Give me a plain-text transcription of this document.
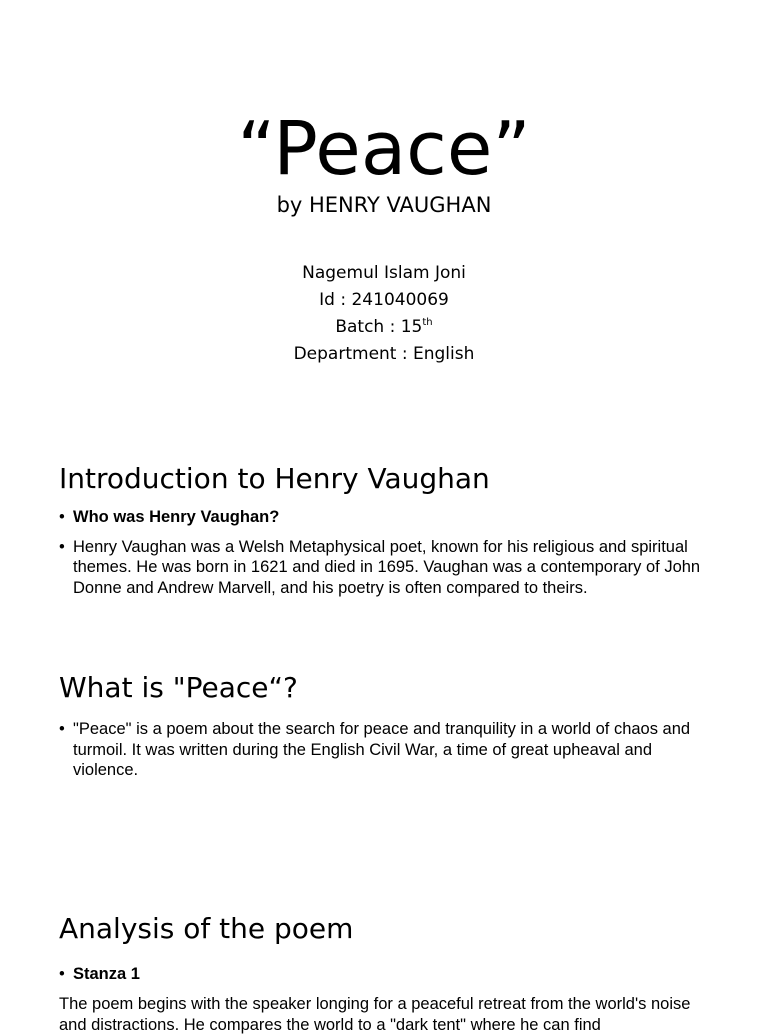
“Peace”
by HENRY VAUGHAN
Nagemul Islam Joni
Id : 241040069
Batch : 15th
Department : English
Introduction to Henry Vaughan
• Who was Henry Vaughan?
• Henry Vaughan was a Welsh Metaphysical poet, known for his religious and spiritual themes. He was born in 1621 and died in 1695. Vaughan was a contemporary of John Donne and Andrew Marvell, and his poetry is often compared to theirs.
What is "Peace“?
• "Peace" is a poem about the search for peace and tranquility in a world of chaos and turmoil. It was written during the English Civil War, a time of great upheaval and violence.
Analysis of the poem
• Stanza 1

The poem begins with the speaker longing for a peaceful retreat from the world's noise and distractions. He compares the world to a "dark tent" where he can find
